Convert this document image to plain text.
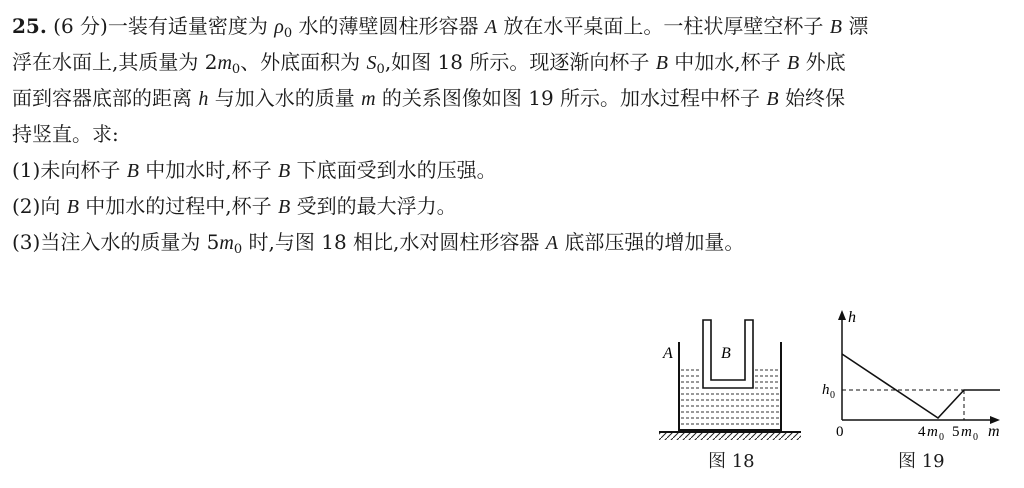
25. (6 分)一装有适量密度为 $\rho_0$ 水的薄壁圆柱形容器 A 放在水平桌面上。一柱状厚壁空杯子 B 漂
浮在水面上,其质量为 $2m_0$、外底面积为 $S_0$,如图 18 所示。现逐渐向杯子 B 中加水,杯子 B 外底
面到容器底部的距离 h 与加入水的质量 m 的关系图像如图 19 所示。加水过程中杯子 B 始终保
持竖直。求:
(1)未向杯子 B 中加水时,杯子 B 下底面受到水的压强。
(2)向 B 中加水的过程中,杯子 B 受到的最大浮力。
(3)当注入水的质量为 $5m_0$ 时,与图 18 相比,水对圆柱形容器 A 底部压强的增加量。
A	B
图 18
h
m
0
h 0
4 m 0 5 m 0
图 19
